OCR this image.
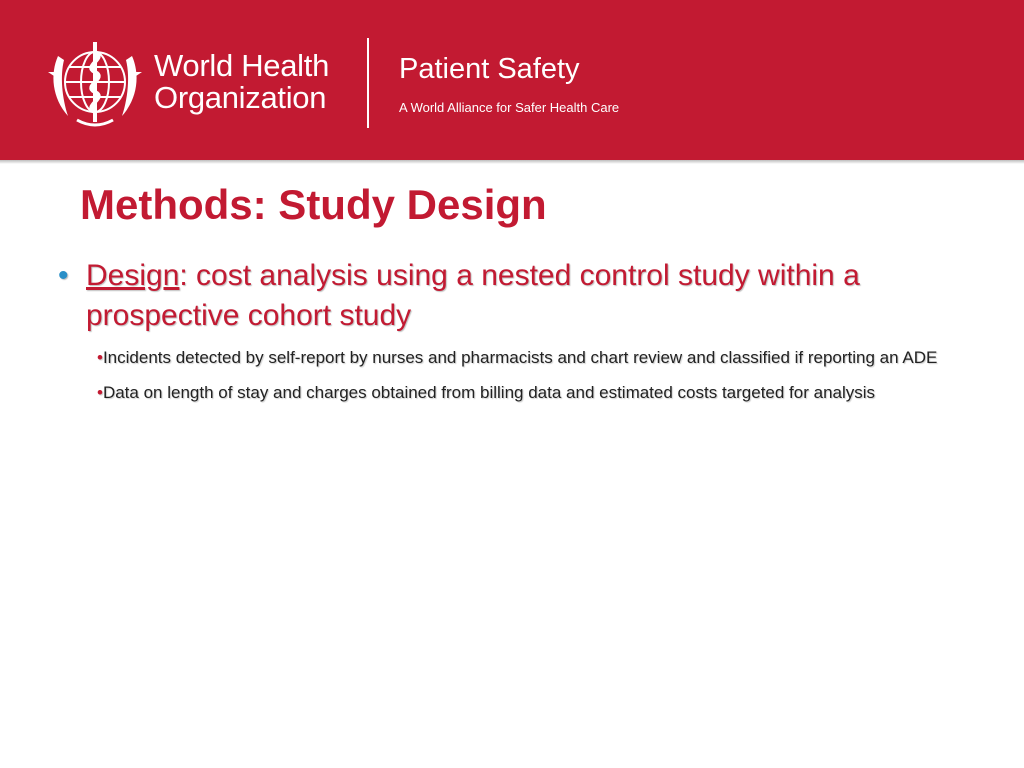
World Health
Organization
Patient Safety
A World Alliance for Safer Health Care
Methods: Study Design
• Design: cost analysis using a nested control study within a prospective cohort study
•Incidents detected by self-report by nurses and pharmacists and chart review and classified if reporting an ADE
•Data on length of stay and charges obtained from billing data and estimated costs targeted for analysis
